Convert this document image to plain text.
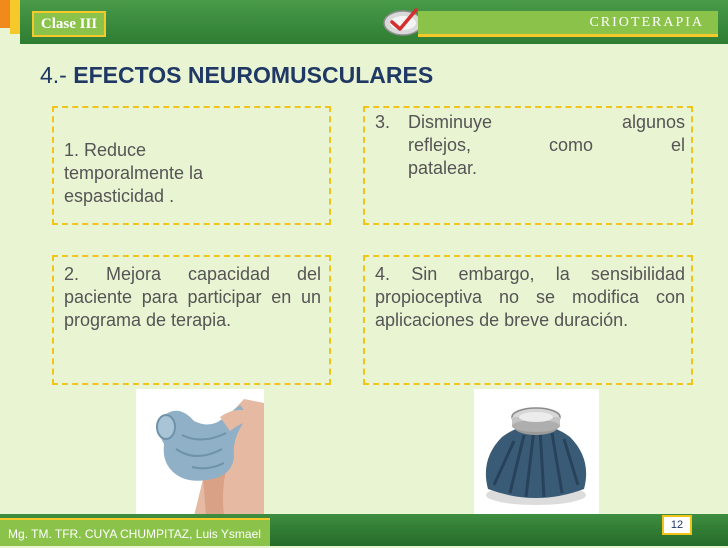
Clase III	CRIOTERAPIA
4.- EFECTOS NEUROMUSCULARES
1. Reduce
temporalmente la
espasticidad .
3. Disminuye algunos
reflejos, como el
patalear.
2. Mejora capacidad del paciente para participar en un programa de terapia.
4. Sin embargo, la sensibilidad propioceptiva no se modifica con aplicaciones de breve duración.
Mg. TM. TFR. CUYA CHUMPITAZ, Luis Ysmael
12
